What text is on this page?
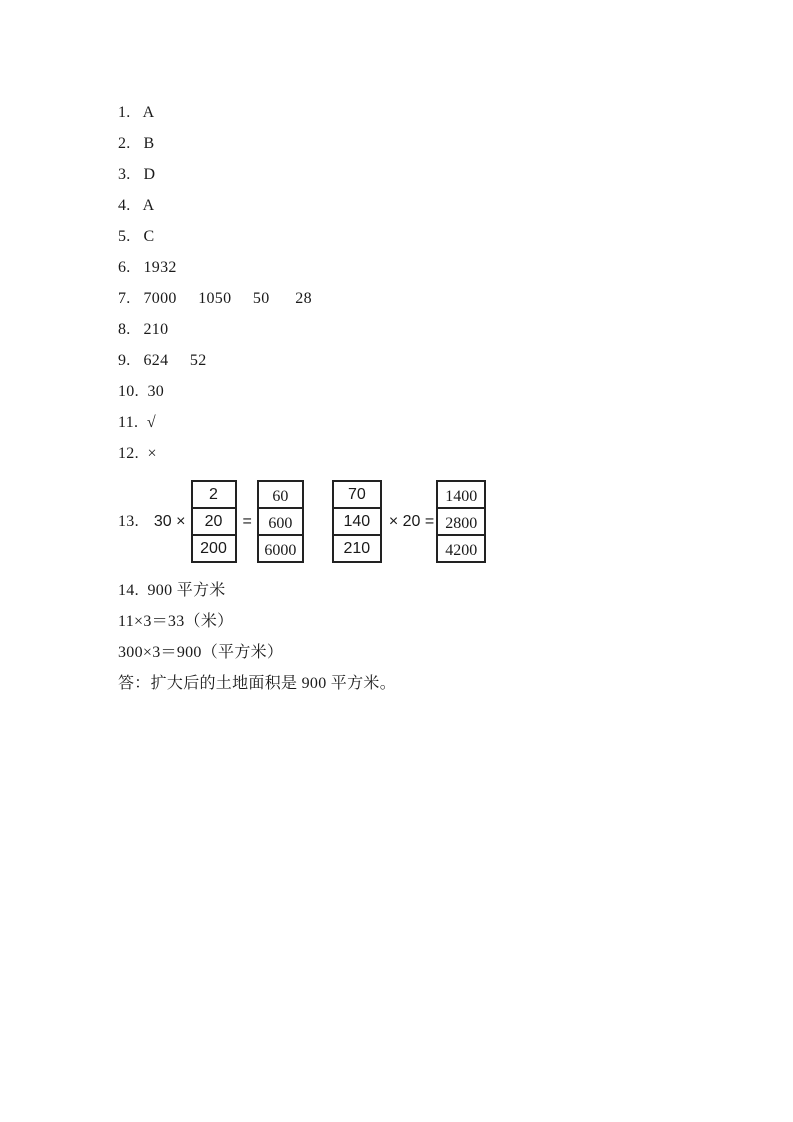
1.   A
2.   B
3.   D
4.   A
5.   C
6.   1932
7.   7000     1050     50      28
8.   210
9.   624     52
10.  30
11.  √
12.  ×
13. 30 ×
2
20
200
=
60
600
6000
70
140
210
× 20 =
1400
2800
4200
14.  900 平方米
11×3＝33（米）
300×3＝900（平方米）
答：扩大后的土地面积是 900 平方米。
